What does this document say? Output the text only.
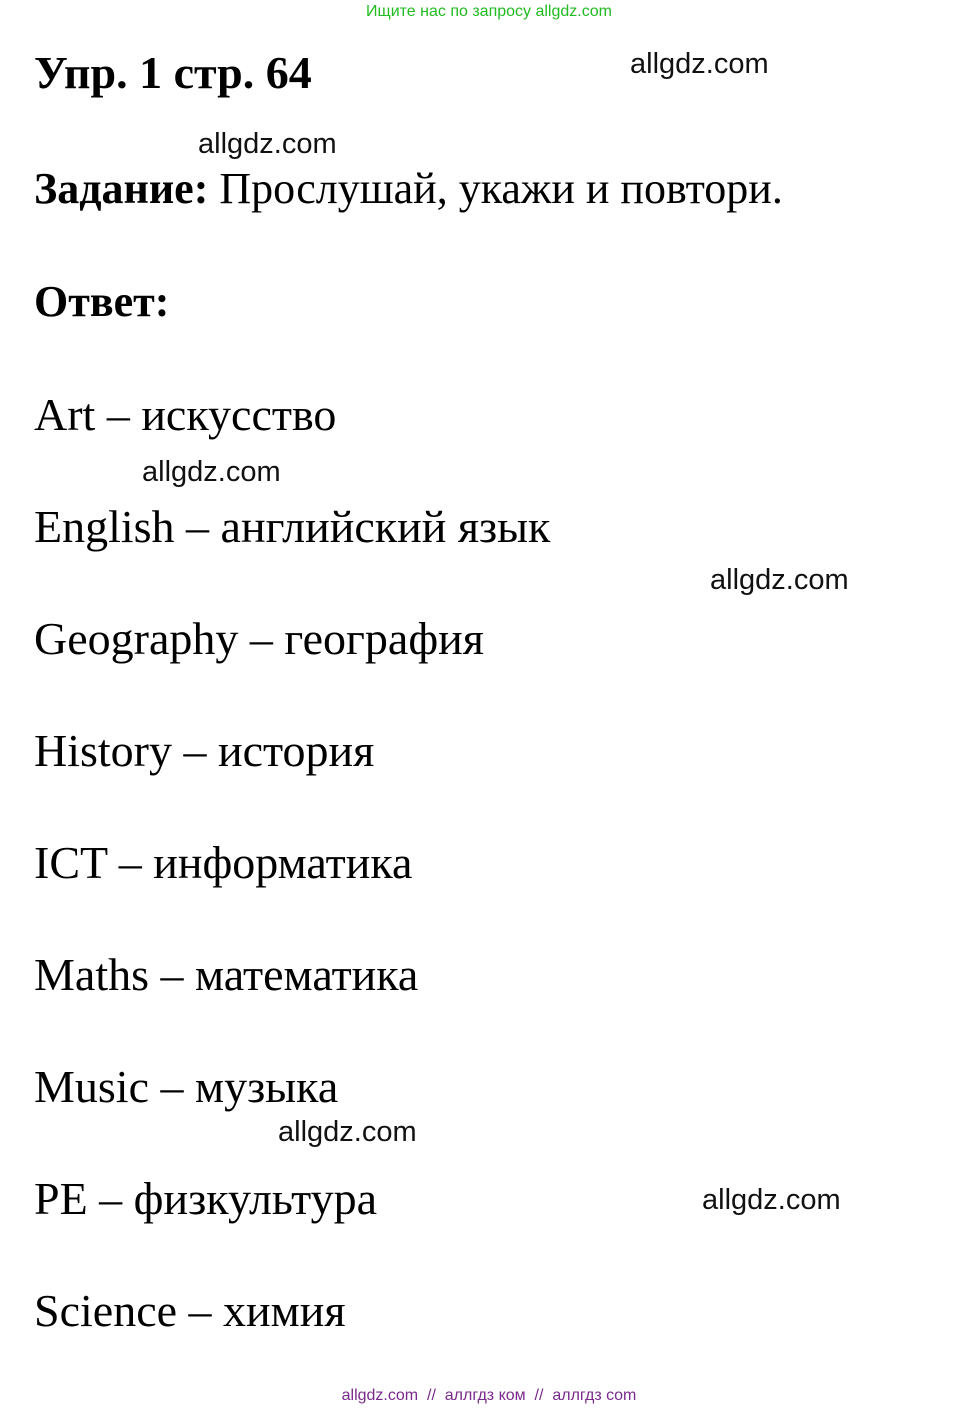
Ищите нас по запросу allgdz.com
Упр. 1 стр. 64	allgdz.com
allgdz.com
Задание: Прослушай, укажи и повтори.
Ответ:
Art – искусство
allgdz.com
English – английский язык
allgdz.com
Geography – география
History – история
ICT – информатика
Maths – математика
Music – музыка
allgdz.com
PE – физкультура	allgdz.com
Science – химия
allgdz.com  //  аллгдз ком  //  аллгдз com
